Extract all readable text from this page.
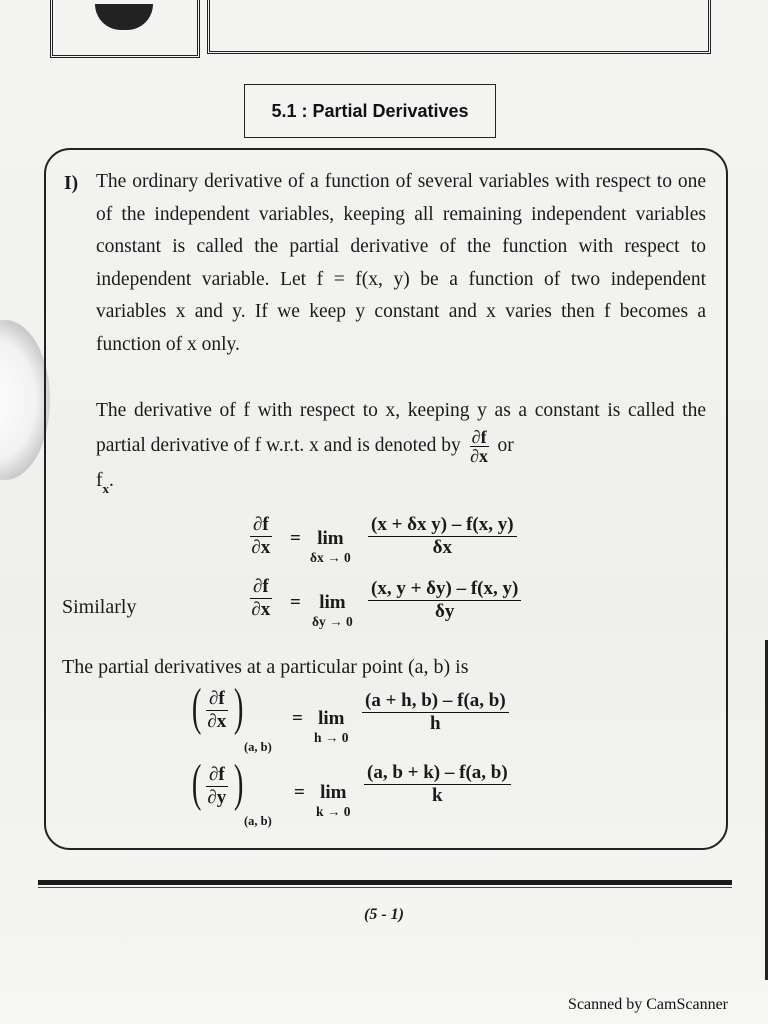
5.1 : Partial Derivatives
I) The ordinary derivative of a function of several variables with respect to one of the independent variables, keeping all remaining independent variables constant is called the partial derivative of the function with respect to independent variable. Let f = f(x, y) be a function of two independent variables x and y. If we keep y constant and x varies then f becomes a function of x only.
The derivative of f with respect to x, keeping y as a constant is called the partial derivative of f w.r.t. x and is denoted by $\frac{\partial f}{\partial x}$ or
$f_x$.
$\frac{\partial f}{\partial x} = \lim$
$\delta x \to 0 \frac{\text{(x + δx y) – f(x, y)}}{\delta x}$
Similarly	$\frac{\partial f}{\partial x} = \lim$
$\delta y \to 0 \frac{(x, y + \delta y) - f(x, y)}{\delta y}$
The partial derivatives at a particular point (a, b) is
( $\frac{\partial f}{\partial x}$ )
(a, b)
= lim
h → 0
$\frac{(a + h, b) - f(a, b)}{h}$
( $\frac{\partial f}{\partial y}$ )
(a, b)
= lim
k → 0
$\frac{(a, b + k) - f(a, b)}{k}$
(5 - 1)
Scanned by CamScanner
